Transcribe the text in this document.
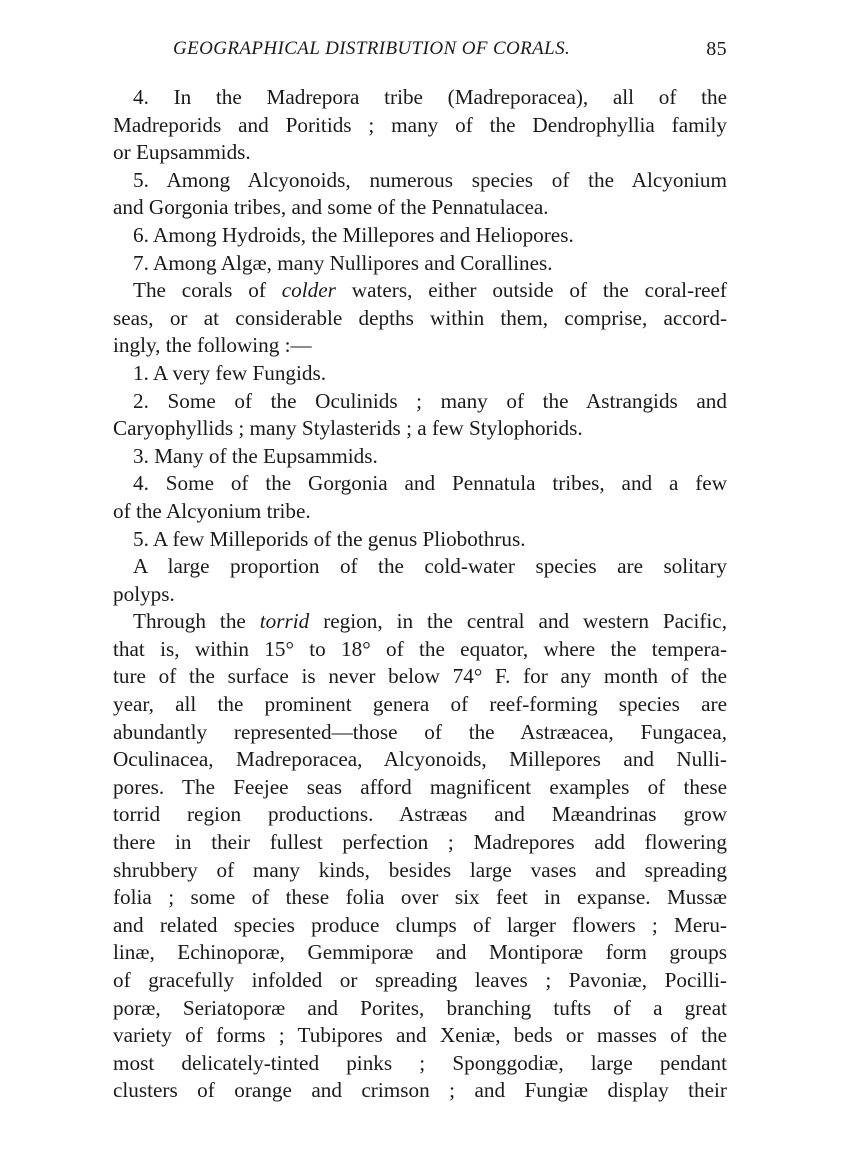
GEOGRAPHICAL DISTRIBUTION OF CORALS.	85
4. In the Madrepora tribe (Madreporacea), all of the
Madreporids and Poritids ; many of the Dendrophyllia family
or Eupsammids.
5. Among Alcyonoids, numerous species of the Alcyonium
and Gorgonia tribes, and some of the Pennatulacea.
6. Among Hydroids, the Millepores and Heliopores.
7. Among Algæ, many Nullipores and Corallines.
The corals of colder waters, either outside of the coral-reef
seas, or at considerable depths within them, comprise, accord-
ingly, the following :—
1. A very few Fungids.
2. Some of the Oculinids ; many of the Astrangids and
Caryophyllids ; many Stylasterids ; a few Stylophorids.
3. Many of the Eupsammids.
4. Some of the Gorgonia and Pennatula tribes, and a few
of the Alcyonium tribe.
5. A few Milleporids of the genus Pliobothrus.
A large proportion of the cold-water species are solitary
polyps.
Through the torrid region, in the central and western Pacific,
that is, within 15° to 18° of the equator, where the tempera-
ture of the surface is never below 74° F. for any month of the
year, all the prominent genera of reef-forming species are
abundantly represented—those of the Astræacea, Fungacea,
Oculinacea, Madreporacea, Alcyonoids, Millepores and Nulli-
pores. The Feejee seas afford magnificent examples of these
torrid region productions. Astræas and Mæandrinas grow
there in their fullest perfection ; Madrepores add flowering
shrubbery of many kinds, besides large vases and spreading
folia ; some of these folia over six feet in expanse. Mussæ
and related species produce clumps of larger flowers ; Meru-
linæ, Echinoporæ, Gemmiporæ and Montiporæ form groups
of gracefully infolded or spreading leaves ; Pavoniæ, Pocilli-
poræ, Seriatoporæ and Porites, branching tufts of a great
variety of forms ; Tubipores and Xeniæ, beds or masses of the
most delicately-tinted pinks ; Sponggodiæ, large pendant
clusters of orange and crimson ; and Fungiæ display their
